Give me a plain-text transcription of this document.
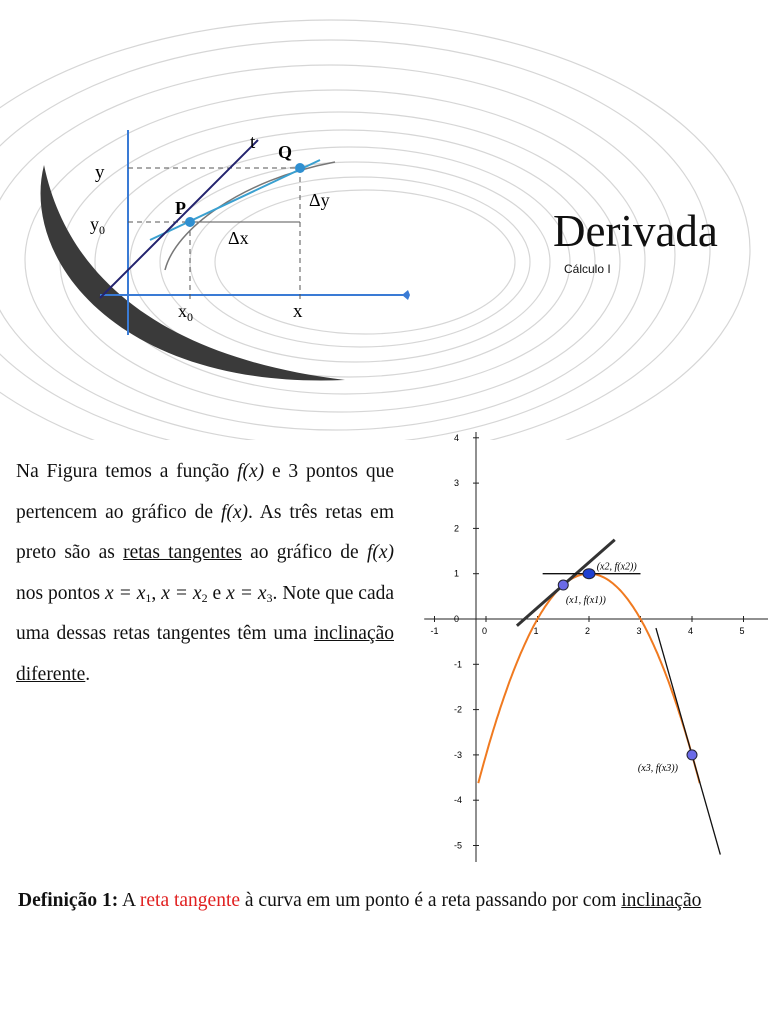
t Q
P
y
$y_0$
$x_0$	x
Δx
Δy
Derivada
Cálculo I

Na Figura temos a função f(x) e 3 pontos que pertencem ao gráfico de f(x). As três retas em preto são as retas tangentes ao gráfico de f(x) nos pontos $x = x_1$, $x = x_2$ e $x = x_3$. Note que cada uma dessas retas tangentes têm uma inclinação diferente.

-1	0	1	2	3	4	5
4
3
2
1
0
-1
-2
-3
-4
-5
(x1, f(x1))
(x2, f(x2))
(x3, f(x3))

Definição 1: A reta tangente à curva em um ponto é a reta passando por com inclinação
